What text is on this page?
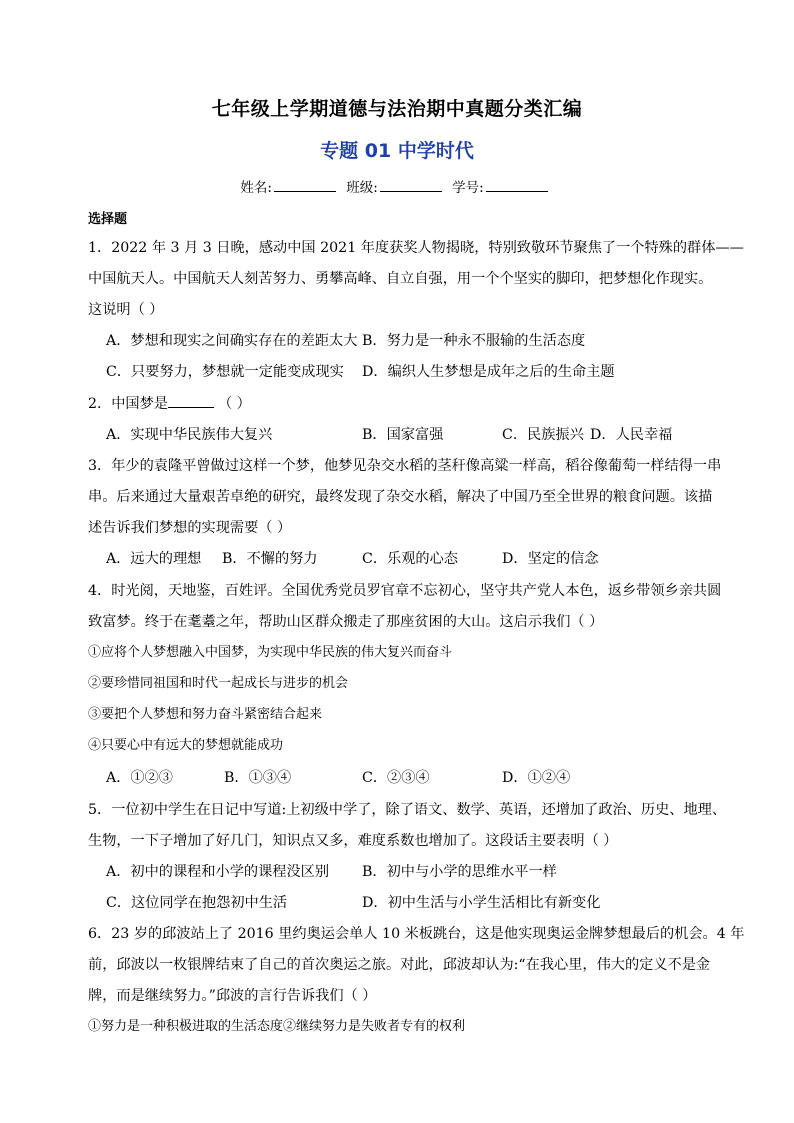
七年级上学期道德与法治期中真题分类汇编
专题 01 中学时代
姓名:	班级:	学号:
选择题
1．2022 年 3 月 3 日晚，感动中国 2021 年度获奖人物揭晓，特别致敬环节聚焦了一个特殊的群体——
中国航天人。中国航天人刻苦努力、勇攀高峰、自立自强，用一个个坚实的脚印，把梦想化作现实。
这说明（ ）
A．梦想和现实之间确实存在的差距太大 B．努力是一种永不服输的生活态度
C．只要努力，梦想就一定能变成现实 D．编织人生梦想是成年之后的生命主题
2．中国梦是	（ ）
A．实现中华民族伟大复兴	B．国家富强	C．民族振兴 D．人民幸福
3．年少的袁隆平曾做过这样一个梦，他梦见杂交水稻的茎秆像高粱一样高，稻谷像葡萄一样结得一串
串。后来通过大量艰苦卓绝的研究，最终发现了杂交水稻，解决了中国乃至全世界的粮食问题。该描
述告诉我们梦想的实现需要（ ）
A．远大的理想 B．不懈的努力	C．乐观的心态	D．坚定的信念
4．时光阅，天地鉴，百姓评。全国优秀党员罗官章不忘初心，坚守共产党人本色，返乡带领乡亲共圆
致富梦。终于在耄耋之年，帮助山区群众搬走了那座贫困的大山。这启示我们（ ）
①应将个人梦想融入中国梦，为实现中华民族的伟大复兴而奋斗
②要珍惜同祖国和时代一起成长与进步的机会
③要把个人梦想和努力奋斗紧密结合起来
④只要心中有远大的梦想就能成功
A．①②③	B．①③④	C．②③④	D．①②④
5．一位初中学生在日记中写道:上初级中学了，除了语文、数学、英语，还增加了政治、历史、地理、
生物，一下子增加了好几门，知识点又多，难度系数也增加了。这段话主要表明（ ）
A．初中的课程和小学的课程没区别 B．初中与小学的思维水平一样
C．这位同学在抱怨初中生活	D．初中生活与小学生活相比有新变化
6．23 岁的邱波站上了 2016 里约奥运会单人 10 米板跳台，这是他实现奥运金牌梦想最后的机会。4 年
前，邱波以一枚银牌结束了自己的首次奥运之旅。对此，邱波却认为:“在我心里，伟大的定义不是金
牌，而是继续努力。”邱波的言行告诉我们（ ）
①努力是一种积极进取的生活态度②继续努力是失败者专有的权利
